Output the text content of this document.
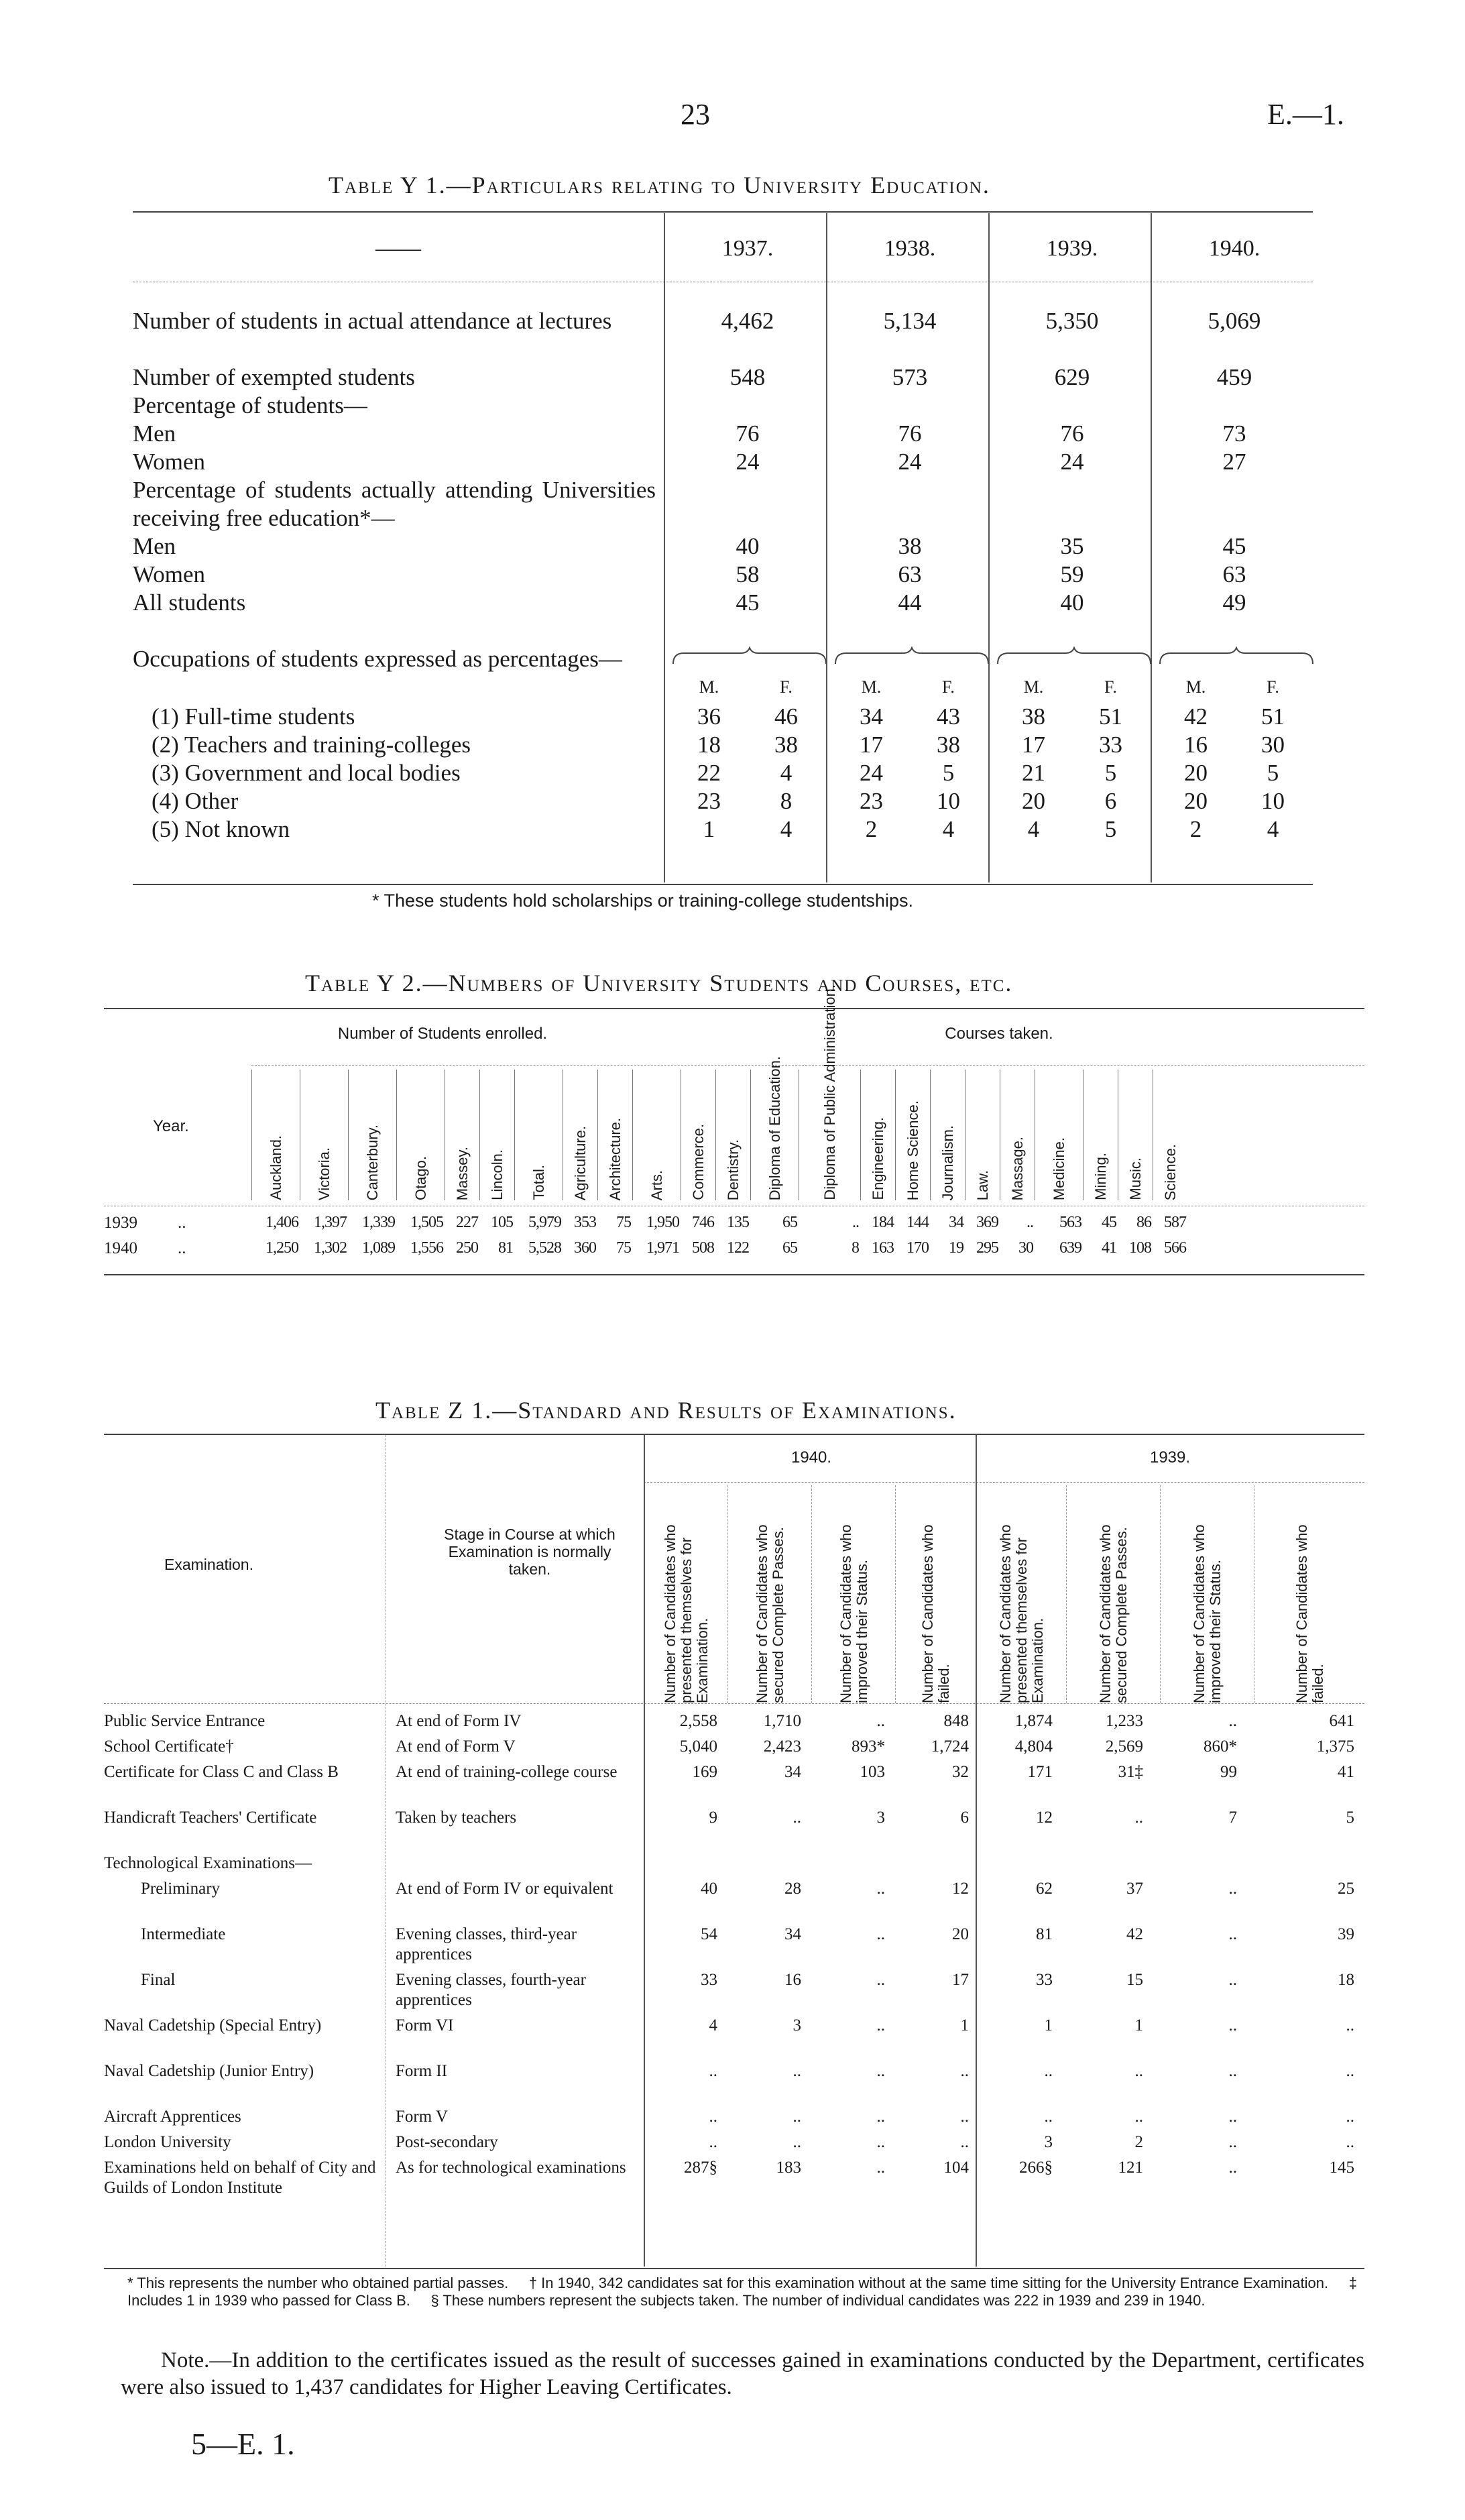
23	E.—1.
Table Y 1.—Particulars relating to University Education.
——	1937.	1938.	1939.	1940.
Number of students in actual attendance at lectures	4,462	5,134	5,350	5,069
Number of exempted students	548	573	629	459
Percentage of students—
Men	76	76	76	73
Women	24	24	24	27
Percentage of students actually attending Universities receiving free education*—
Men	40	38	35	45
Women	58	63	59	63
All students	45	44	40	49
Occupations of students expressed as percentages—
M.	F.	M.	F.	M.	F.	M.	F.
(1) Full-time students	36	46	34	43	38	51	42	51
(2) Teachers and training-colleges	18	38	17	38	17	33	16	30
(3) Government and local bodies	22	4	24	5	21	5	20	5
(4) Other	23	8	23	10	20	6	20	10
(5) Not known	1	4	2	4	4	5	2	4
* These students hold scholarships or training-college studentships.
Table Y 2.—Numbers of University Students and Courses, etc.
Number of Students enrolled.	Courses taken.
Year.
Auckland. Victoria. Canterbury. Otago. Massey. Lincoln. Total. Agriculture. Architecture. Arts. Commerce. Dentistry. Diploma of Education.	Diploma of Public Administration. Engineering. Home Science. Journalism. Law. Massage. Medicine. Mining. Music. Science.
1939	..	1,406 1,397 1,339 1,505 227 105 5,979 353	75 1,950 746 135	65	.. 184 144	34 369	..	563	45	86 587
1940	..	1,250 1,302 1,089 1,556 250	81 5,528 360	75 1,971 508 122	65	8 163 170	19 295	30	639	41 108 566
Table Z 1.—Standard and Results of Examinations.
Examination.
Stage in Course at which Examination is normally taken.
1940.	1939.
Number of Candidates who presented themselves for Examination.	Number of Candidates who secured Complete Passes.	Number of Candidates who improved their Status.	Number of Candidates who failed.	Number of Candidates who presented themselves for Examination.	Number of Candidates who secured Complete Passes.	Number of Candidates who improved their Status.	Number of Candidates who failed.
Public Service Entrance	At end of Form IV	2,558	1,710	..	848	1,874	1,233	..	641
School Certificate†	At end of Form V	5,040	2,423	893*	1,724	4,804	2,569	860*	1,375
Certificate for Class C and Class B	At end of training-college course	169	34	103	32	171	31‡	99	41
Handicraft Teachers' Certificate	Taken by teachers	9	..	3	6	12	..	7	5
Technological Examinations—
Preliminary	At end of Form IV or equivalent	40	28	..	12	62	37	..	25
Intermediate	Evening classes, third-year apprentices
54	34	..	20	81	42	..	39
Final	Evening classes, fourth-year apprentices
33	16	..	17	33	15	..	18
Naval Cadetship (Special Entry)	Form VI	4	3	..	1	1	1	..	..
Naval Cadetship (Junior Entry)	Form II	..	..	..	..	..	..	..	..
Aircraft Apprentices	Form V	..	..	..	..	..	..	..	..
London University	Post-secondary	..	..	..	..	3	2	..	..
Examinations held on behalf of City and Guilds of London Institute
As for technological examinations	287§	183	..	104	266§	121	..	145
* This represents the number who obtained partial passes. † In 1940, 342 candidates sat for this examination without at the same time sitting for the University Entrance Examination. ‡ Includes 1 in 1939 who passed for Class B. § These numbers represent the subjects taken. The number of individual candidates was 222 in 1939 and 239 in 1940.
Note.—In addition to the certificates issued as the result of successes gained in examinations conducted by the Department, certificates were also issued to 1,437 candidates for Higher Leaving Certificates.
5—E. 1.
